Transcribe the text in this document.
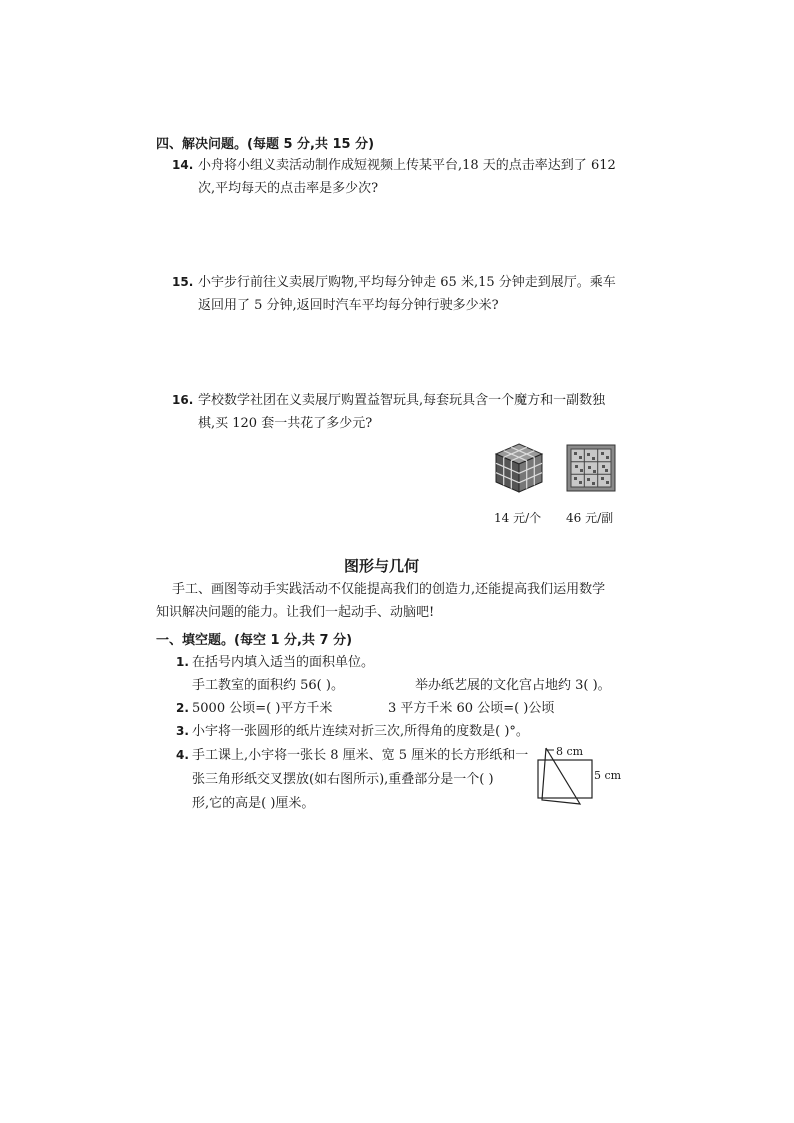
四、解决问题。(每题 5 分,共 15 分)
14. 小舟将小组义卖活动制作成短视频上传某平台,18 天的点击率达到了 612
次,平均每天的点击率是多少次?
15. 小宇步行前往义卖展厅购物,平均每分钟走 65 米,15 分钟走到展厅。乘车
返回用了 5 分钟,返回时汽车平均每分钟行驶多少米?
16. 学校数学社团在义卖展厅购置益智玩具,每套玩具含一个魔方和一副数独
棋,买 120 套一共花了多少元?
14 元/个 46 元/副
图形与几何
手工、画图等动手实践活动不仅能提高我们的创造力,还能提高我们运用数学
知识解决问题的能力。让我们一起动手、动脑吧!
一、填空题。(每空 1 分,共 7 分)
1. 在括号内填入适当的面积单位。
手工教室的面积约 56( )。	举办纸艺展的文化宫占地约 3( )。
2. 5000 公顷=( )平方千米	3 平方千米 60 公顷=( )公顷
3. 小宇将一张圆形的纸片连续对折三次,所得角的度数是( )°。
4. 手工课上,小宇将一张长 8 厘米、宽 5 厘米的长方形纸和一
张三角形纸交叉摆放(如右图所示),重叠部分是一个( )
形,它的高是( )厘米。
8 cm
5 cm
